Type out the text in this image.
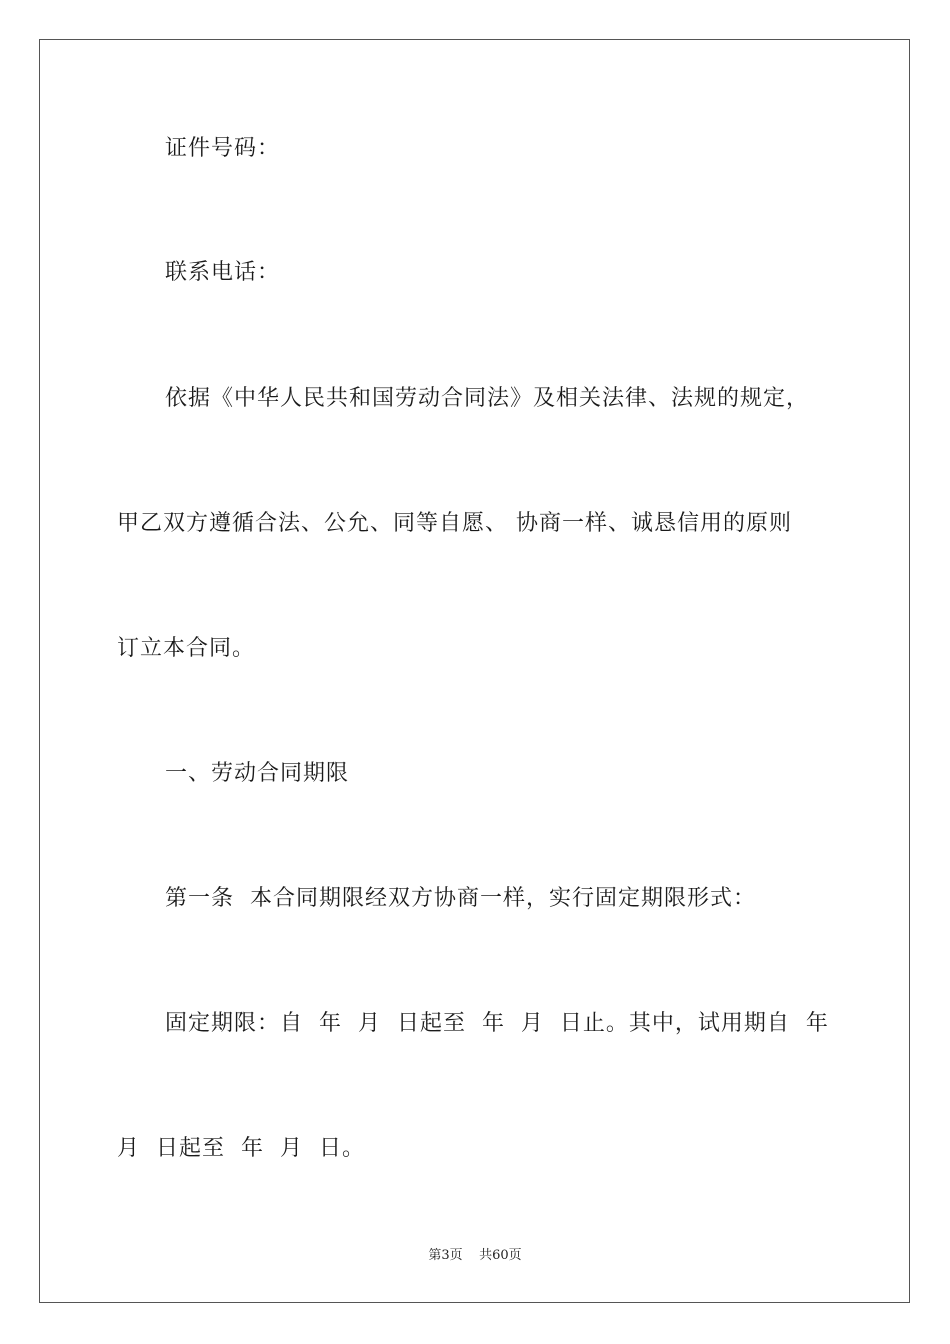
证件号码：
联系电话：
依据《中华人民共和国劳动合同法》及相关法律、法规的规定，
甲乙双方遵循合法、公允、同等自愿、 协商一样、诚恳信用的原则
订立本合同。
一、劳动合同期限
第一条  本合同期限经双方协商一样，实行固定期限形式：
固定期限：自  年  月  日起至  年  月  日止。其中，试用期自  年
月  日起至  年  月  日。
第3页    共60页
